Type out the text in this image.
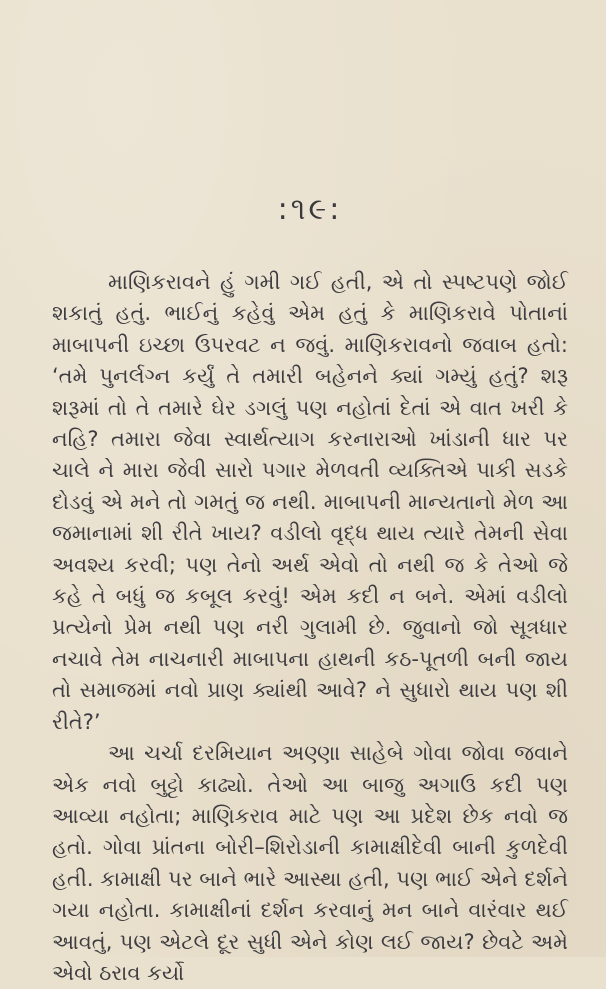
:૧૯:

માણિકરાવને હું ગમી ગઈ હતી, એ તો સ્પષ્ટપણે જોઈ શકાતું હતું. ભાઈનું કહેવું એમ હતું કે માણિકરાવે પોતાનાં માબાપની ઇચ્છા ઉપરવટ ન જવું. માણિકરાવનો જવાબ હતો: ‘તમે પુનર્લગ્ન કર્યું તે તમારી બહેનને ક્યાં ગમ્યું હતું? શરૂ શરૂમાં તો તે તમારે ઘેર ડગલું પણ નહોતાં દેતાં એ વાત ખરી કે નહિ? તમારા જેવા સ્વાર્થત્યાગ કરનારાઓ ખાંડાની ધાર પર ચાલે ને મારા જેવી સારો પગાર મેળવતી વ્યક્તિએ પાકી સડકે દોડવું એ મને તો ગમતું જ નથી. માબાપની માન્યતાનો મેળ આ જમાનામાં શી રીતે ખાય? વડીલો વૃદ્ધ થાય ત્યારે તેમની સેવા અવશ્ય કરવી; પણ તેનો અર્થ એવો તો નથી જ કે તેઓ જે કહે તે બધું જ કબૂલ કરવું! એમ કદી ન બને. એમાં વડીલો પ્રત્યેનો પ્રેમ નથી પણ નરી ગુલામી છે. જુવાનો જો સૂત્રધાર નચાવે તેમ નાચનારી માબાપના હાથની કઠ-પૂતળી બની જાય તો સમાજમાં નવો પ્રાણ ક્યાંથી આવે? ને સુધારો થાય પણ શી રીતે?’

આ ચર્ચા દરમિયાન અણ્ણા સાહેબે ગોવા જોવા જવાને એક નવો બુટ્ટો કાઢ્યો. તેઓ આ બાજુ અગાઉ કદી પણ આવ્યા નહોતા; માણિકરાવ માટે પણ આ પ્રદેશ છેક નવો જ હતો. ગોવા પ્રાંતના બોરી–શિરોડાની કામાક્ષીદેવી બાની કુળદેવી હતી. કામાક્ષી પર બાને ભારે આસ્થા હતી, પણ ભાઈ એને દર્શને ગયા નહોતા. કામાક્ષીનાં દર્શન કરવાનું મન બાને વારંવાર થઈ આવતું, પણ એટલે દૂર સુધી એને કોણ લઈ જાય? છેવટે અમે એવો ઠરાવ કર્યો
